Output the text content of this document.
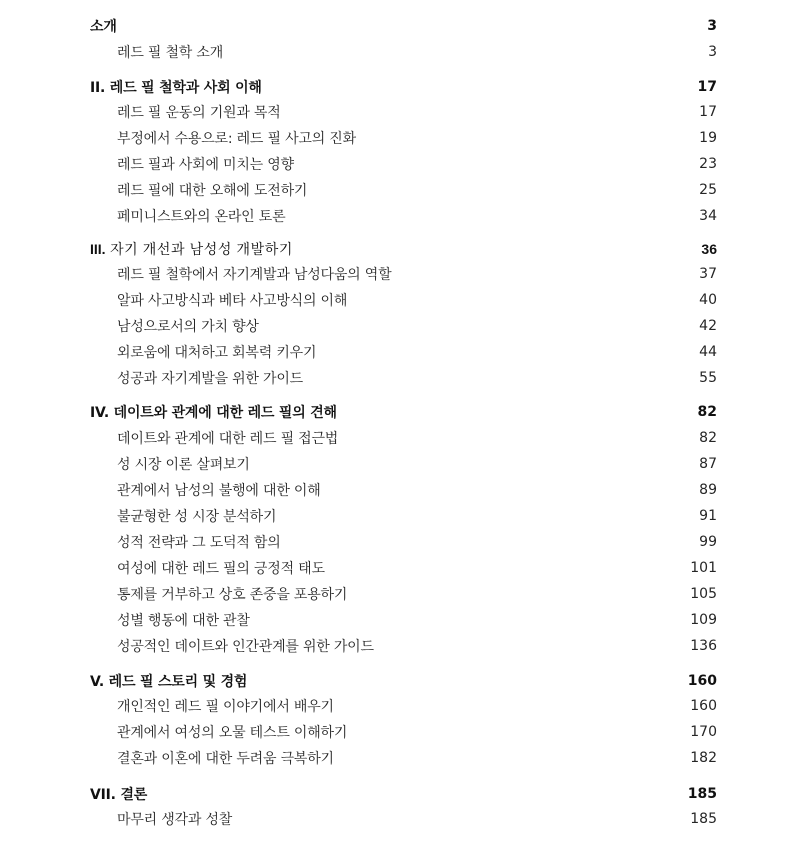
소개	3
레드 필 철학 소개	3
II. 레드 필 철학과 사회 이해	17
레드 필 운동의 기원과 목적	17
부정에서 수용으로: 레드 필 사고의 진화	19
레드 필과 사회에 미치는 영향	23
레드 필에 대한 오해에 도전하기	25
페미니스트와의 온라인 토론	34
III. 자기 개선과 남성성 개발하기	36
레드 필 철학에서 자기계발과 남성다움의 역할	37
알파 사고방식과 베타 사고방식의 이해	40
남성으로서의 가치 향상	42
외로움에 대처하고 회복력 키우기	44
성공과 자기계발을 위한 가이드	55
IV. 데이트와 관계에 대한 레드 필의 견해	82
데이트와 관계에 대한 레드 필 접근법	82
성 시장 이론 살펴보기	87
관계에서 남성의 불행에 대한 이해	89
불균형한 성 시장 분석하기	91
성적 전략과 그 도덕적 함의	99
여성에 대한 레드 필의 긍정적 태도	101
통제를 거부하고 상호 존중을 포용하기	105
성별 행동에 대한 관찰	109
성공적인 데이트와 인간관계를 위한 가이드	136
V. 레드 필 스토리 및 경험	160
개인적인 레드 필 이야기에서 배우기	160
관계에서 여성의 오물 테스트 이해하기	170
결혼과 이혼에 대한 두려움 극복하기	182
VII. 결론	185
마무리 생각과 성찰	185
